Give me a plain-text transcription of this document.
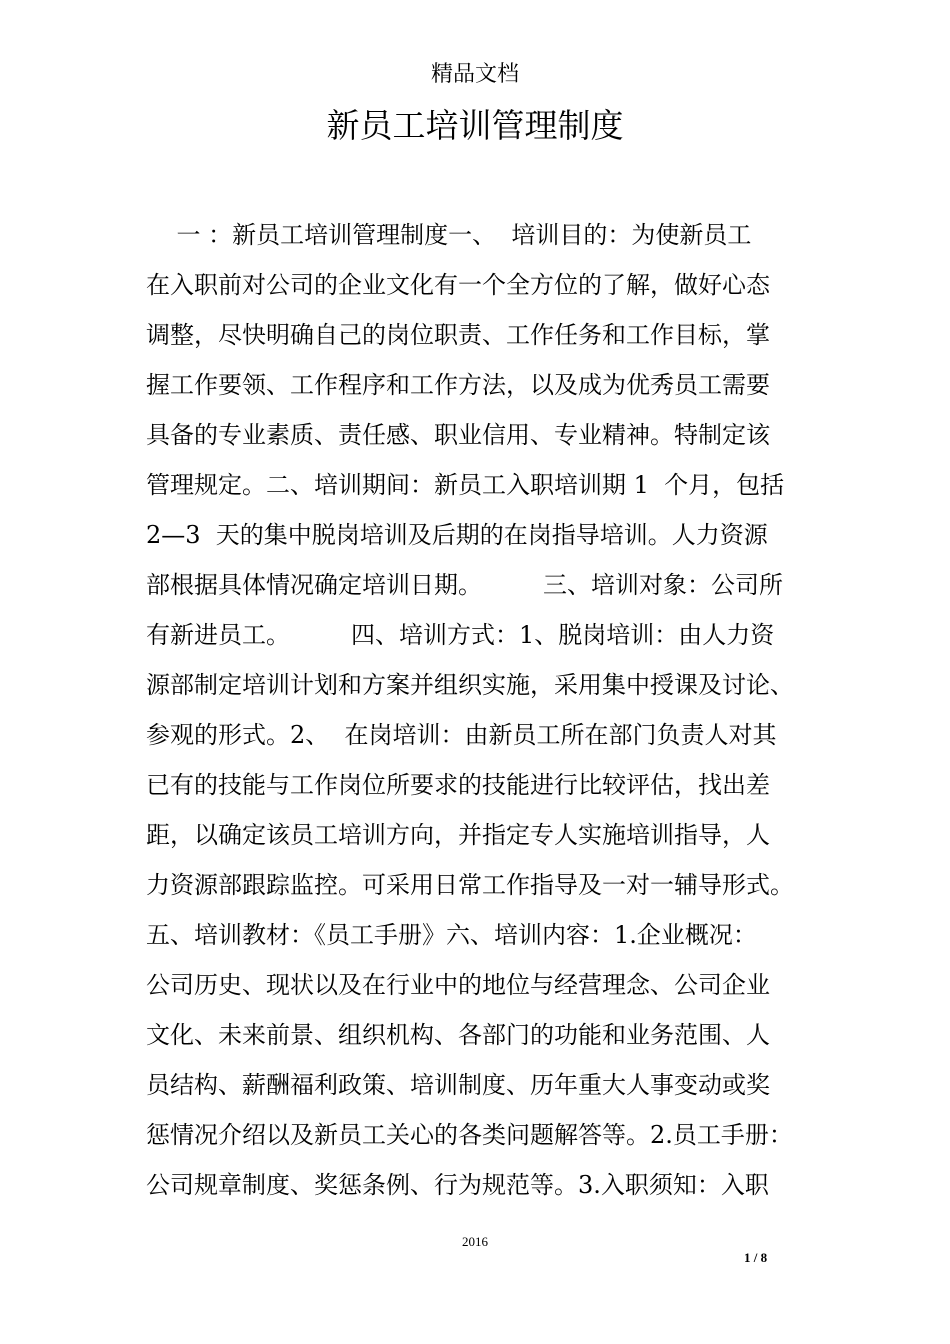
精品文档
新员工培训管理制度
一 ：新员工培训管理制度一、  培训目的：为使新员工
在入职前对公司的企业文化有一个全方位的了解，做好心态
调整，尽快明确自己的岗位职责、工作任务和工作目标，掌
握工作要领、工作程序和工作方法，以及成为优秀员工需要
具备的专业素质、责任感、职业信用、专业精神。特制定该
管理规定。二、培训期间：新员工入职培训期 1  个月，包括
2—3  天的集中脱岗培训及后期的在岗指导培训。人力资源
部根据具体情况确定培训日期。        三、培训对象：公司所
有新进员工。        四、培训方式：1、脱岗培训：由人力资
源部制定培训计划和方案并组织实施，采用集中授课及讨论、
参观的形式。2、  在岗培训：由新员工所在部门负责人对其
已有的技能与工作岗位所要求的技能进行比较评估，找出差
距，以确定该员工培训方向，并指定专人实施培训指导，人
力资源部跟踪监控。可采用日常工作指导及一对一辅导形式。
五、培训教材：《员工手册》六、培训内容：1.企业概况：
公司历史、现状以及在行业中的地位与经营理念、公司企业
文化、未来前景、组织机构、各部门的功能和业务范围、人
员结构、薪酬福利政策、培训制度、历年重大人事变动或奖
惩情况介绍以及新员工关心的各类问题解答等。2.员工手册：
公司规章制度、奖惩条例、行为规范等。3.入职须知：入职
2016
1 / 8
